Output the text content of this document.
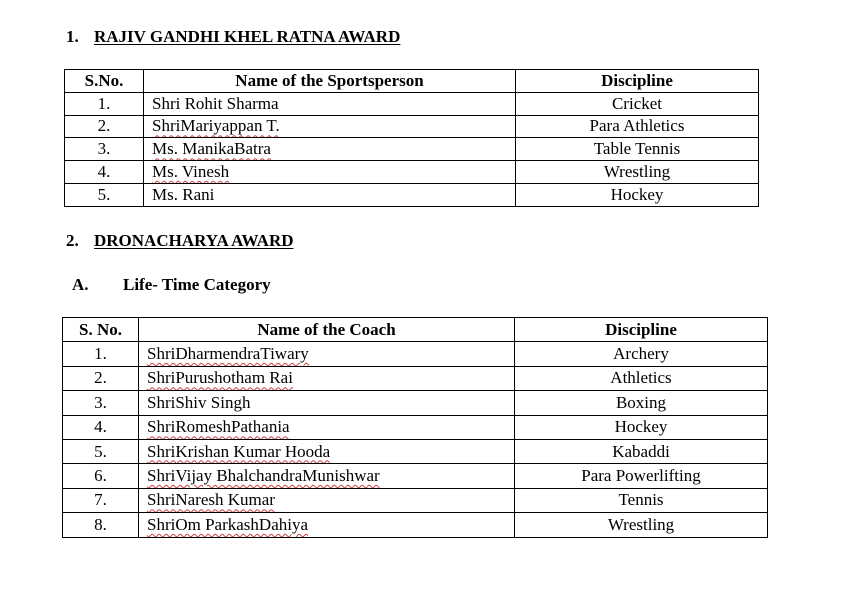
1. RAJIV GANDHI KHEL RATNA AWARD
S.No.	Name of the Sportsperson	Discipline
1.	Shri Rohit Sharma	Cricket
2.	ShriMariyappan T.	Para Athletics
3.	Ms. ManikaBatra	Table Tennis
4.	Ms. Vinesh	Wrestling
5.	Ms. Rani	Hockey
2. DRONACHARYA AWARD
A. Life- Time Category
S. No.	Name of the Coach	Discipline
1.	ShriDharmendraTiwary	Archery
2.	ShriPurushotham Rai	Athletics
3.	ShriShiv Singh	Boxing
4.	ShriRomeshPathania	Hockey
5.	ShriKrishan Kumar Hooda	Kabaddi
6.	ShriVijay BhalchandraMunishwar	Para Powerlifting
7.	ShriNaresh Kumar	Tennis
8.	ShriOm ParkashDahiya	Wrestling
